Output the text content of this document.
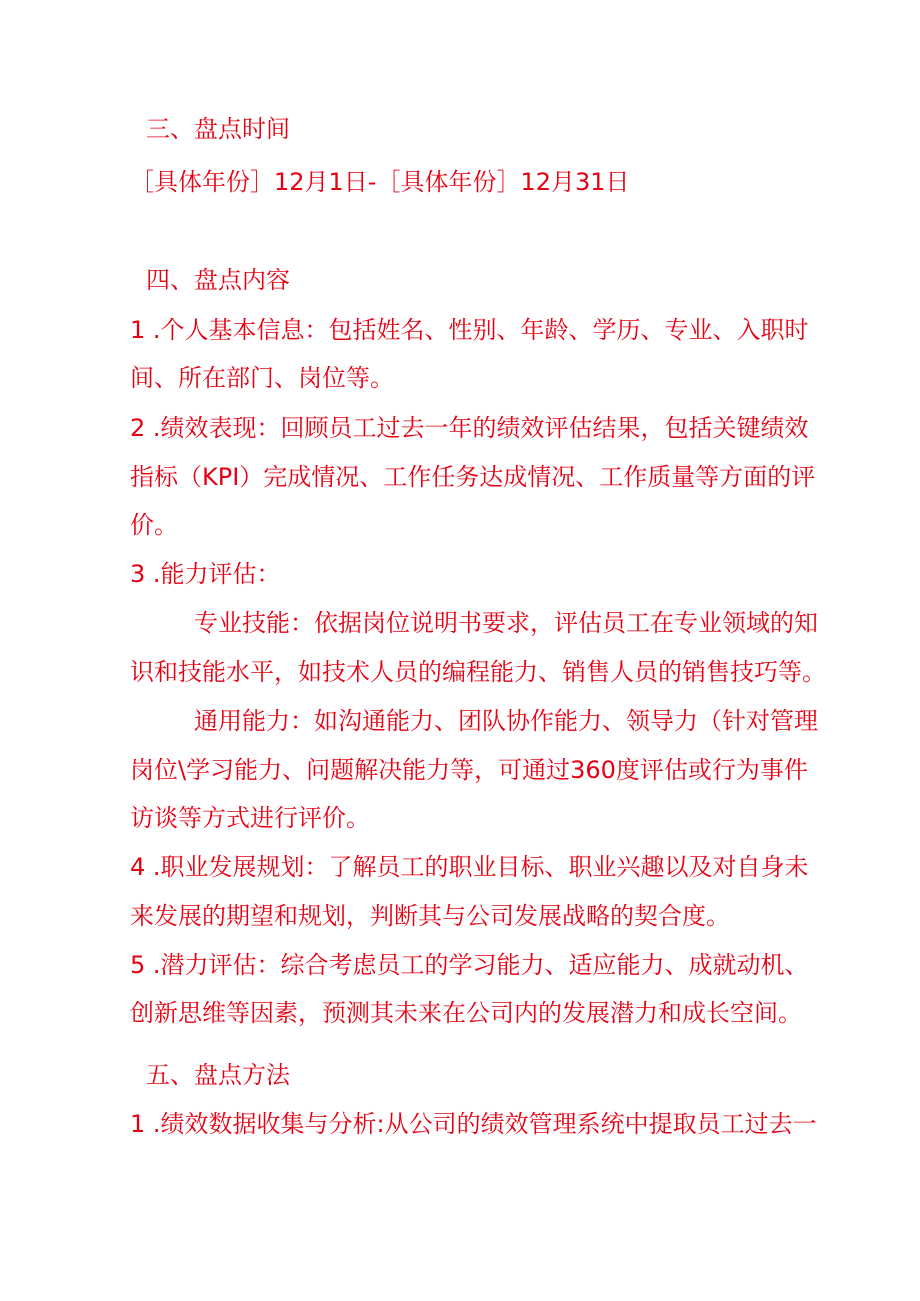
三、盘点时间
［具体年份］12月1日-［具体年份］12月31日
四、盘点内容
1 .个人基本信息：包括姓名、性别、年龄、学历、专业、入职时
间、所在部门、岗位等。
2 .绩效表现：回顾员工过去一年的绩效评估结果，包括关键绩效
指标（KPI）完成情况、工作任务达成情况、工作质量等方面的评
价。
3 .能力评估：
专业技能：依据岗位说明书要求，评估员工在专业领域的知
识和技能水平，如技术人员的编程能力、销售人员的销售技巧等。
通用能力：如沟通能力、团队协作能力、领导力（针对管理
岗位\学习能力、问题解决能力等，可通过360度评估或行为事件
访谈等方式进行评价。
4 .职业发展规划：了解员工的职业目标、职业兴趣以及对自身未
来发展的期望和规划，判断其与公司发展战略的契合度。
5 .潜力评估：综合考虑员工的学习能力、适应能力、成就动机、
创新思维等因素，预测其未来在公司内的发展潜力和成长空间。
五、盘点方法
1 .绩效数据收集与分析:从公司的绩效管理系统中提取员工过去一
